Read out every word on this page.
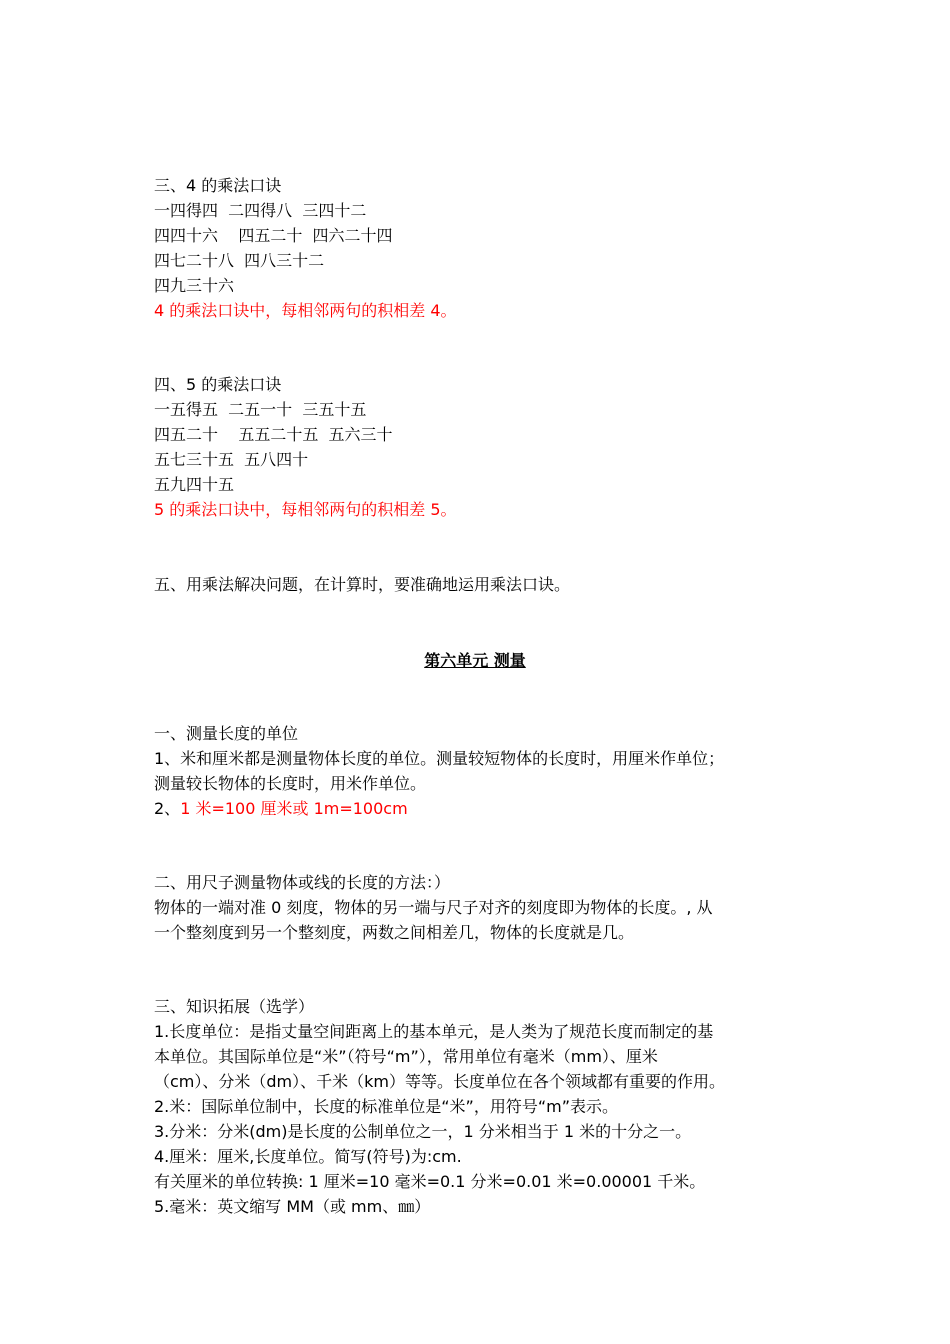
三、4 的乘法口诀
一四得四  二四得八  三四十二
四四十六    四五二十  四六二十四
四七二十八  四八三十二
四九三十六
4 的乘法口诀中，每相邻两句的积相差 4。
四、5 的乘法口诀
一五得五  二五一十  三五十五
四五二十    五五二十五  五六三十
五七三十五  五八四十
五九四十五
5 的乘法口诀中，每相邻两句的积相差 5。
五、用乘法解决问题，在计算时，要准确地运用乘法口诀。
第六单元 测量
一、测量长度的单位
1、米和厘米都是测量物体长度的单位。测量较短物体的长度时，用厘米作单位；
测量较长物体的长度时，用米作单位。
2、1 米=100 厘米或 1m=100cm
二、用尺子测量物体或线的长度的方法：）
物体的一端对准 0 刻度，物体的另一端与尺子对齐的刻度即为物体的长度。, 从
一个整刻度到另一个整刻度，两数之间相差几，物体的长度就是几。
三、知识拓展（选学）
1.长度单位：是指丈量空间距离上的基本单元，是人类为了规范长度而制定的基
本单位。其国际单位是“米”（符号“m”），常用单位有毫米（mm）、厘米
（cm）、分米（dm）、千米（km）等等。长度单位在各个领域都有重要的作用。
2.米：国际单位制中，长度的标准单位是“米”，用符号“m”表示。
3.分米：分米(dm)是长度的公制单位之一，1 分米相当于 1 米的十分之一。
4.厘米：厘米,长度单位。简写(符号)为:cm.
有关厘米的单位转换: 1 厘米=10 毫米=0.1 分米=0.01 米=0.00001 千米。
5.毫米：英文缩写 MM（或 mm、㎜）
